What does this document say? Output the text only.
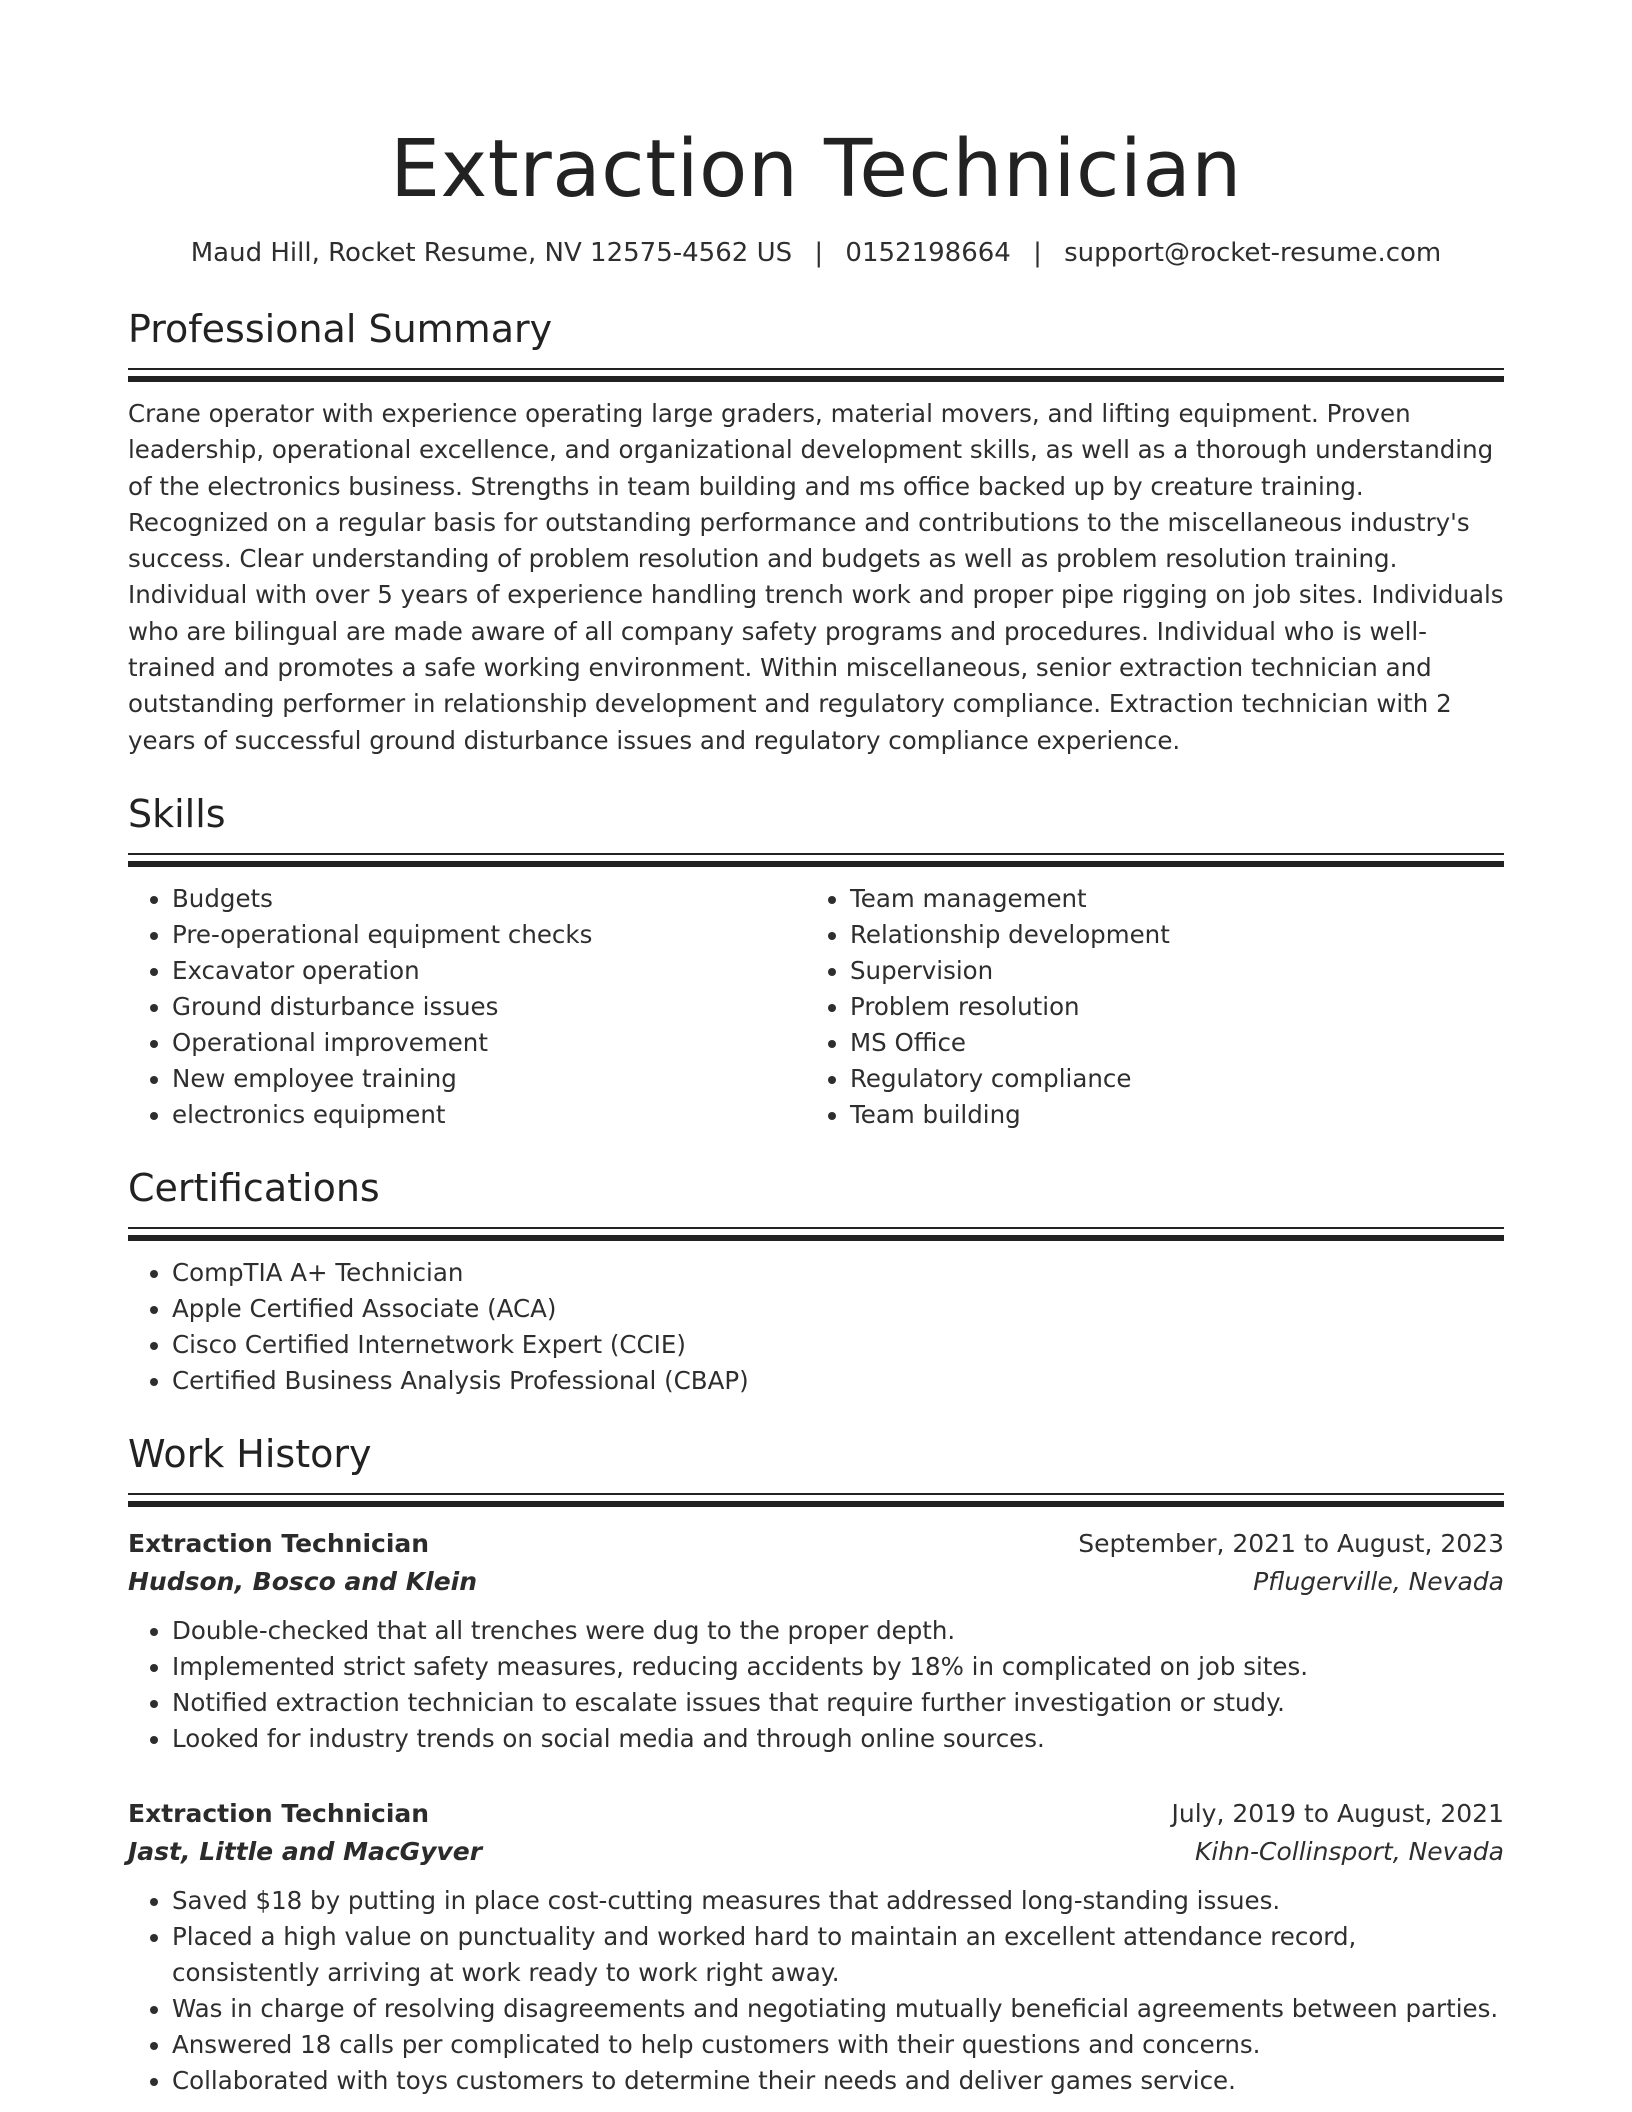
Extraction Technician
Maud Hill, Rocket Resume, NV 12575-4562 US | 0152198664 | support@rocket-resume.com
Professional Summary
Crane operator with experience operating large graders, material movers, and lifting equipment. Proven leadership, operational excellence, and organizational development skills, as well as a thorough understanding of the electronics business. Strengths in team building and ms office backed up by creature training. Recognized on a regular basis for outstanding performance and contributions to the miscellaneous industry's success. Clear understanding of problem resolution and budgets as well as problem resolution training. Individual with over 5 years of experience handling trench work and proper pipe rigging on job sites. Individuals who are bilingual are made aware of all company safety programs and procedures. Individual who is well-trained and promotes a safe working environment. Within miscellaneous, senior extraction technician and outstanding performer in relationship development and regulatory compliance. Extraction technician with 2 years of successful ground disturbance issues and regulatory compliance experience.
Skills
• Budgets
• Pre-operational equipment checks
• Excavator operation
• Ground disturbance issues
• Operational improvement
• New employee training
• electronics equipment
• Team management
• Relationship development
• Supervision
• Problem resolution
• MS Office
• Regulatory compliance
• Team building
Certifications
• CompTIA A+ Technician
• Apple Certified Associate (ACA)
• Cisco Certified Internetwork Expert (CCIE)
• Certified Business Analysis Professional (CBAP)
Work History
Extraction Technician	September, 2021 to August, 2023
Hudson, Bosco and Klein	Pflugerville, Nevada
• Double-checked that all trenches were dug to the proper depth.
• Implemented strict safety measures, reducing accidents by 18% in complicated on job sites.
• Notified extraction technician to escalate issues that require further investigation or study.
• Looked for industry trends on social media and through online sources.
Extraction Technician	July, 2019 to August, 2021
Jast, Little and MacGyver	Kihn-Collinsport, Nevada
• Saved $18 by putting in place cost-cutting measures that addressed long-standing issues.
• Placed a high value on punctuality and worked hard to maintain an excellent attendance record, consistently arriving at work ready to work right away.
• Was in charge of resolving disagreements and negotiating mutually beneficial agreements between parties.
• Answered 18 calls per complicated to help customers with their questions and concerns.
• Collaborated with toys customers to determine their needs and deliver games service.
